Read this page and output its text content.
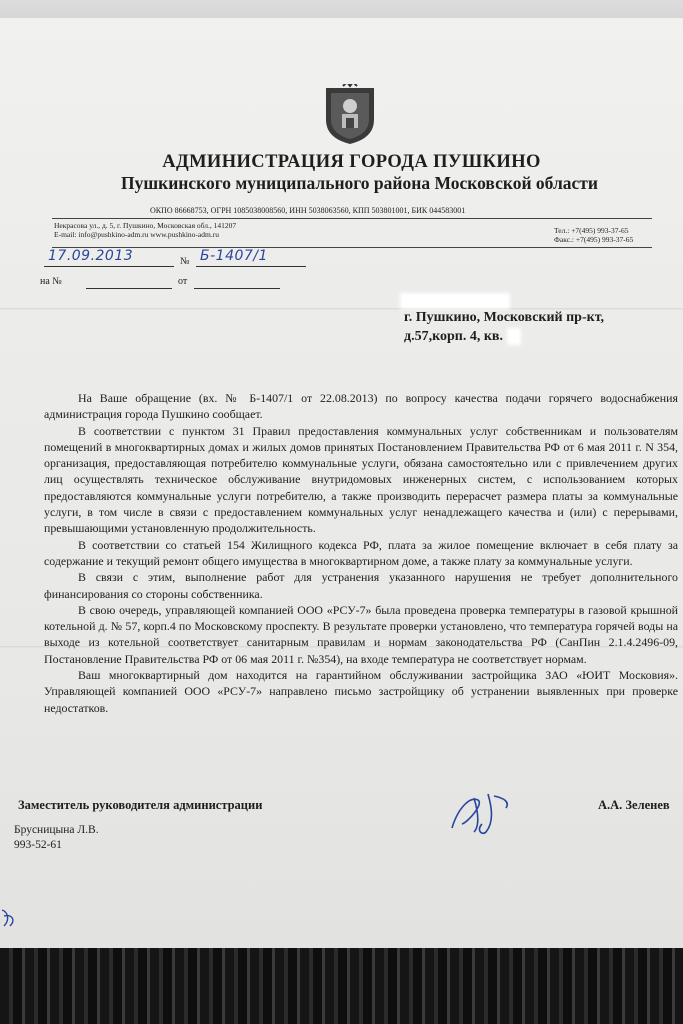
АДМИНИСТРАЦИЯ ГОРОДА ПУШКИНО
Пушкинского муниципального района Московской области
ОКПО 86668753, ОГРН 1085038008560, ИНН 5038063560, КПП 503801001, БИК 044583001
Некрасова ул., д. 5, г. Пушкино, Московская обл., 141207
E-mail: info@pushkino-adm.ru www.pushkino-adm.ru	Тел.: +7(495) 993-37-65
Факс.: +7(495) 993-37-65
17.09.2013	№ Б-1407/1
на №	от
г. Пушкино, Московский пр-кт,
д.57,корп. 4, кв.

На Ваше обращение (вх. № Б-1407/1 от 22.08.2013) по вопросу качества подачи горячего водоснабжения администрация города Пушкино сообщает.

В соответствии с пунктом 31 Правил предоставления коммунальных услуг собственникам и пользователям помещений в многоквартирных домах и жилых домов принятых Постановлением Правительства РФ от 6 мая 2011 г. N 354, организация, предоставляющая потребителю коммунальные услуги, обязана самостоятельно или с привлечением других лиц осуществлять техническое обслуживание внутридомовых инженерных систем, с использованием которых предоставляются коммунальные услуги потребителю, а также производить перерасчет размера платы за коммунальные услуги, в том числе в связи с предоставлением коммунальных услуг ненадлежащего качества и (или) с перерывами, превышающими установленную продолжительность.

В соответствии со статьей 154 Жилищного кодекса РФ, плата за жилое помещение включает в себя плату за содержание и текущий ремонт общего имущества в многоквартирном доме, а также плату за коммунальные услуги.

В связи с этим, выполнение работ для устранения указанного нарушения не требует дополнительного финансирования со стороны собственника.

В свою очередь, управляющей компанией ООО «РСУ-7» была проведена проверка температуры в газовой крышной котельной д. № 57, корп.4 по Московскому проспекту. В результате проверки установлено, что температура горячей воды на выходе из котельной соответствует санитарным правилам и нормам законодательства РФ (СанПин 2.1.4.2496-09, Постановление Правительства РФ от 06 мая 2011 г. №354), на входе температура не соответствует нормам.

Ваш многоквартирный дом находится на гарантийном обслуживании застройщика ЗАО «ЮИТ Московия». Управляющей компанией ООО «РСУ-7» направлено письмо застройщику об устранении выявленных при проверке недостатков.

Заместитель руководителя администрации	А.А. Зеленев
Брусницына Л.В.
993-52-61
